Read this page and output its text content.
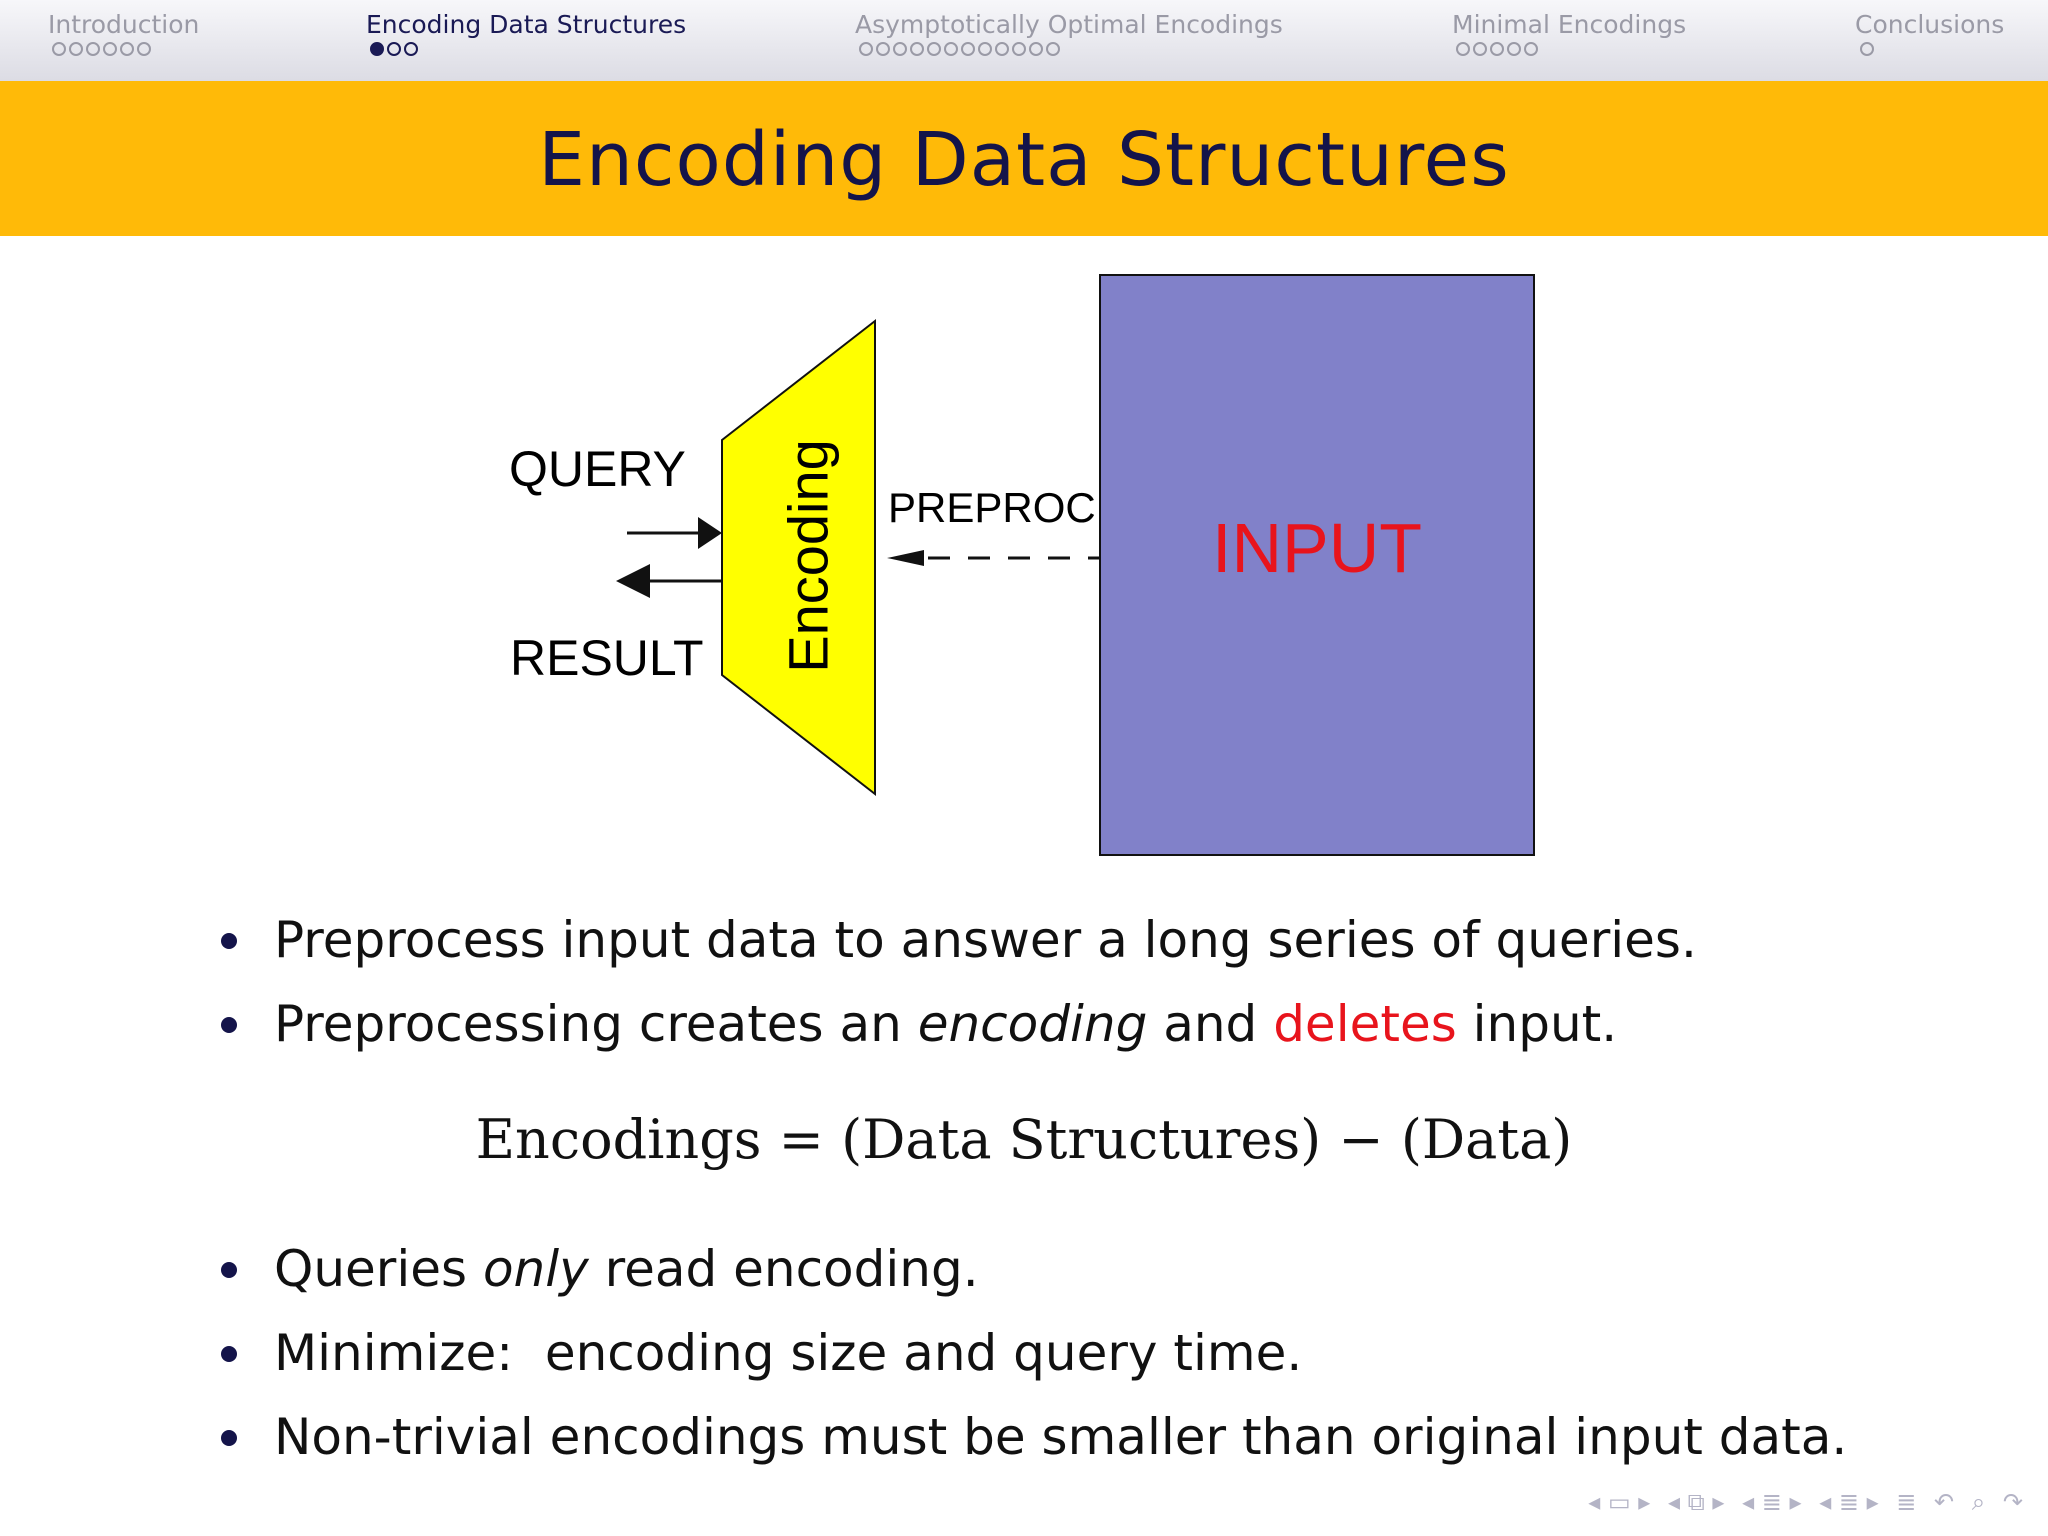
Introduction	Encoding Data Structures	Asymptotically Optimal Encodings	Minimal Encodings	Conclusions
Encoding Data Structures
QUERY
RESULT
PREPROC
Encoding	INPUT
Preprocess input data to answer a long series of queries.
Preprocessing creates an encoding and deletes input.
Encodings = (Data Structures) − (Data)
Queries only read encoding.
Minimize:  encoding size and query time.
Non-trivial encodings must be smaller than original input data.
◂ ▭ ▸ ◂ ⧉ ▸ ◂ ≣ ▸ ◂ ≣ ▸ ≣ ↶ ⌕ ↷
